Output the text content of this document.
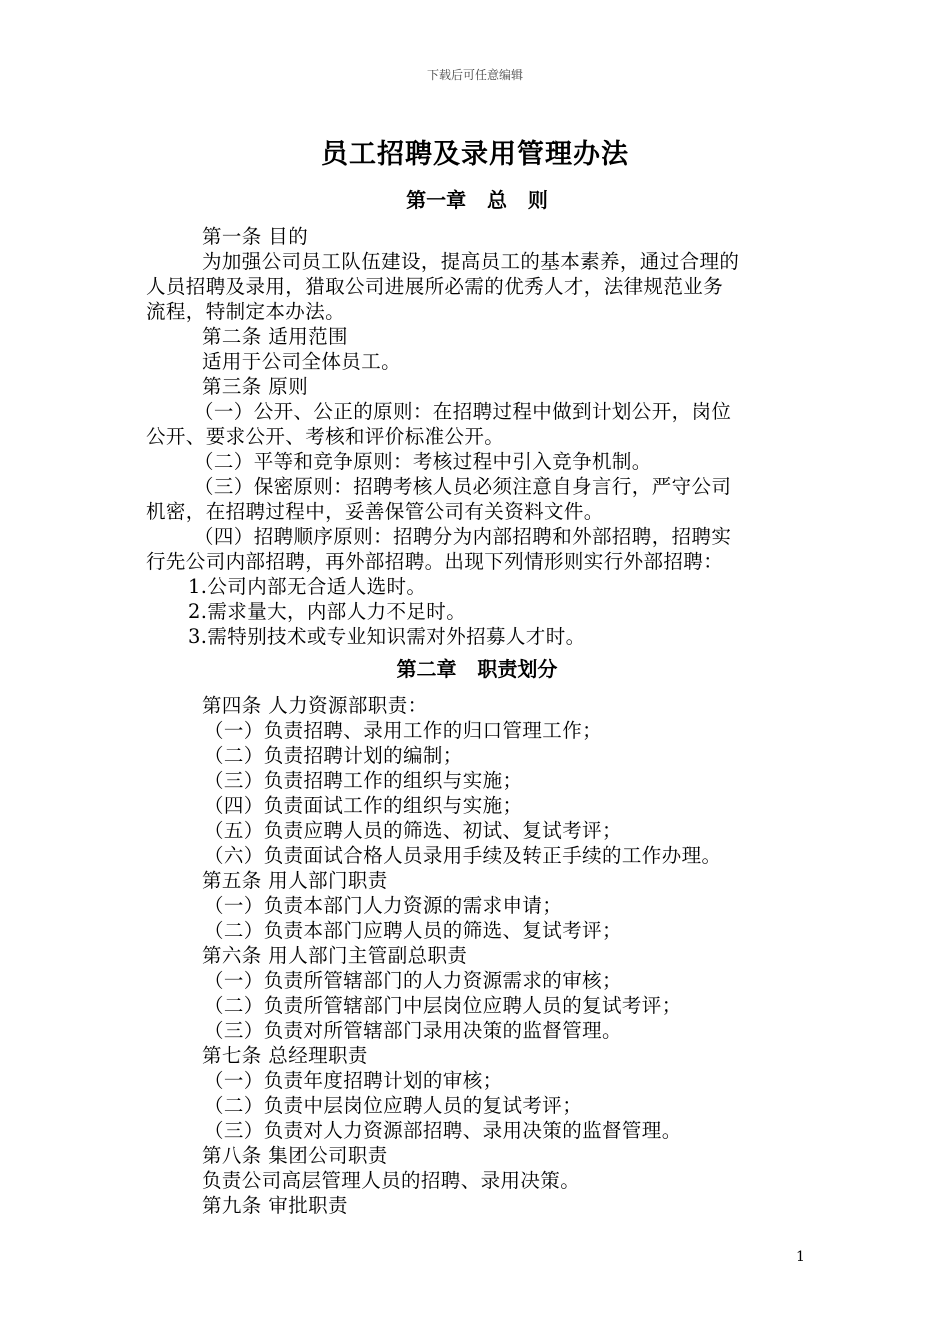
下载后可任意编辑
员工招聘及录用管理办法
第一章   总   则
第一条 目的
为加强公司员工队伍建设，提高员工的基本素养，通过合理的
人员招聘及录用，猎取公司进展所必需的优秀人才，法律规范业务
流程，特制定本办法。
第二条 适用范围
适用于公司全体员工。
第三条 原则
（一）公开、公正的原则：在招聘过程中做到计划公开，岗位
公开、要求公开、考核和评价标准公开。
（二）平等和竞争原则：考核过程中引入竞争机制。
（三）保密原则：招聘考核人员必须注意自身言行，严守公司
机密，在招聘过程中，妥善保管公司有关资料文件。
（四）招聘顺序原则：招聘分为内部招聘和外部招聘，招聘实
行先公司内部招聘，再外部招聘。出现下列情形则实行外部招聘：
1.公司内部无合适人选时。
2.需求量大，内部人力不足时。
3.需特别技术或专业知识需对外招募人才时。
第二章   职责划分
第四条 人力资源部职责：
（一）负责招聘、录用工作的归口管理工作；
（二）负责招聘计划的编制；
（三）负责招聘工作的组织与实施；
（四）负责面试工作的组织与实施；
（五）负责应聘人员的筛选、初试、复试考评；
（六）负责面试合格人员录用手续及转正手续的工作办理。
第五条 用人部门职责
（一）负责本部门人力资源的需求申请；
（二）负责本部门应聘人员的筛选、复试考评；
第六条 用人部门主管副总职责
（一）负责所管辖部门的人力资源需求的审核；
（二）负责所管辖部门中层岗位应聘人员的复试考评；
（三）负责对所管辖部门录用决策的监督管理。
第七条 总经理职责
（一）负责年度招聘计划的审核；
（二）负责中层岗位应聘人员的复试考评；
（三）负责对人力资源部招聘、录用决策的监督管理。
第八条 集团公司职责
负责公司高层管理人员的招聘、录用决策。
第九条 审批职责
1
